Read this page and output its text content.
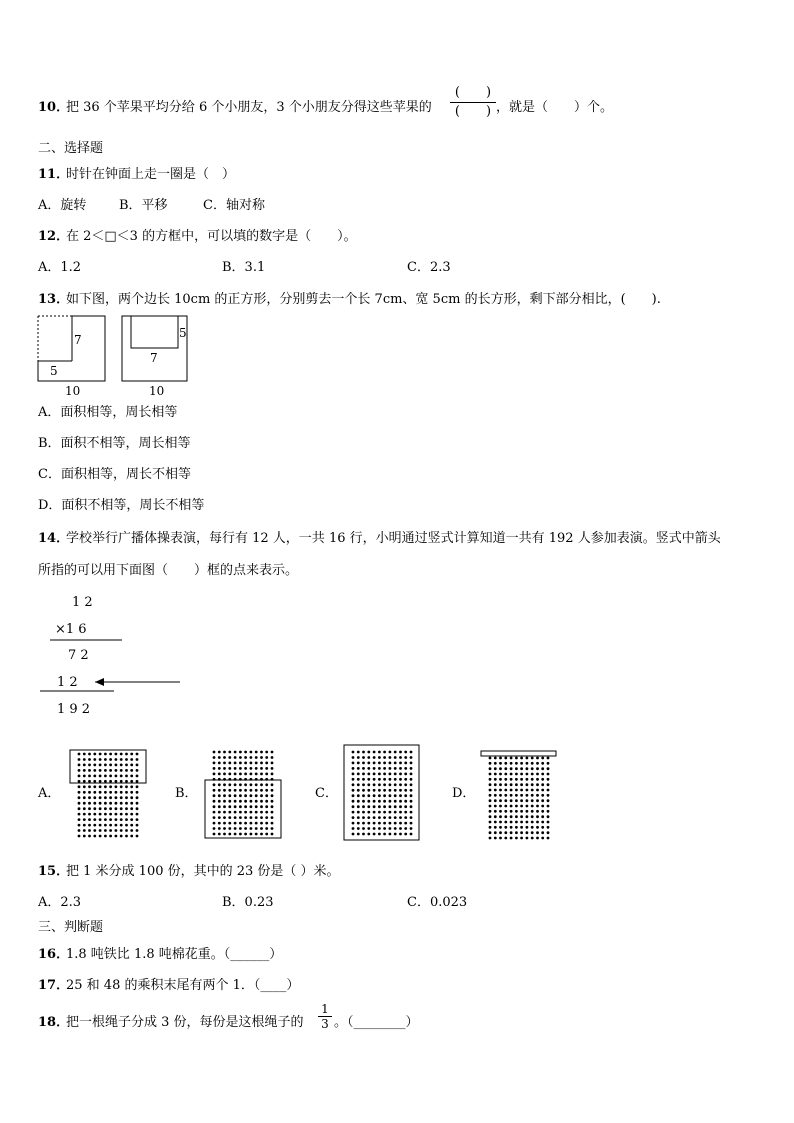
10．
把 36 个苹果平均分给 6 个小朋友，3 个小朋友分得这些苹果的
(　　)
(　　) ，就是（　　）个。
二、选择题
11．
时针在钟面上走一圈是（　）
A．旋转	B．平移	C．轴对称
12．
在 2＜□＜3 的方框中，可以填的数字是（　　）。
A．1.2	B．3.1	C．2.3
13．
如下图，两个边长 10cm 的正方形，分别剪去一个长 7cm、宽 5cm 的长方形，剩下部分相比，(　　).
7
5
10
5
7
10
A．面积相等，周长相等
B．面积不相等，周长相等
C．面积相等，周长不相等
D．面积不相等，周长不相等
14．
学校举行广播体操表演，每行有 12 人，一共 16 行，小明通过竖式计算知道一共有 192 人参加表演。竖式中箭头
所指的可以用下面图（　　）框的点来表示。
1 2
×1 6
7 2
1 2
1 9 2
A．	B．	C．	D．
15．
把 1 米分成 100 份，其中的 23 份是（ ）米。
A．2.3	B．0.23	C．0.023
三、判断题
16．
1.8 吨铁比 1.8 吨棉花重。（______）
17．
25 和 48 的乘积末尾有两个 1．（____）
18．
把一根绳子分成 3 份，每份是这根绳子的
1
3 。（________）
